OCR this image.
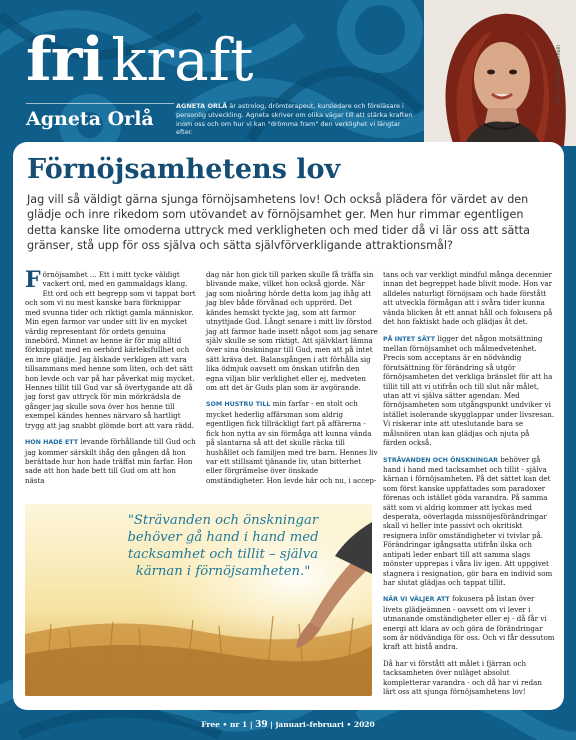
fri kraft
Agneta Orlå
AGNETA ORLÅ är astrolog, drömterapeut, kursledare och föreläsare i personlig utveckling. Agneta skriver om olika vägar till att stärka kraften inom oss och om hur vi kan "drömma fram" den verklighet vi längtar efter.
Foto: Simona Colonnelli
Förnöjsamhetens lov

Jag vill så väldigt gärna sjunga förnöjsamhetens lov! Och också plädera för värdet av den glädje och inre rikedom som utövandet av förnöjsamhet ger. Men hur rimmar egentligen detta kanske lite omoderna uttryck med verkligheten och med tider då vi lär oss att sätta gränser, stå upp för oss själva och sätta självförverkligande attraktionsmål?

Förnöjsamhet ... Ett i mitt tycke väldigt vackert ord, med en gammaldags klang. Ett ord och ett begrepp som vi tappat bort och som vi nu mest kanske bara förknippar med svunna tider och riktigt gamla människor. Min egen farmor var under sitt liv en mycket värdig representant för ordets genuina innebörd. Minnet av henne är för mig alltid förknippat med en oerhörd kärleksfullhet och en inre glädje. Jag älskade verkligen att vara tillsammans med henne som liten, och det sätt hon levde och var på har påverkat mig mycket. Hennes tillit till Gud var så övertygande att då jag forst gav uttryck för min mörkrädsla de gånger jag skulle sova över hos henne till exempel kändes hennes närvaro så hartligt trygg att jag snabbt glömde bort att vara rädd.

HON HADE ETT levande förhållande till Gud och jag kommer särskilt ihåg den gången då hon berättade hur hon hade träffat min farfar. Hon sade att hon hade bett till Gud om att hon nästa

dag när hon gick till parken skulle få träffa sin blivande make, vilket hon också gjorde. När jag som nioåring hörde detta kom jag ihåg att jag blev både förvånad och upprörd. Det kändes hemskt tyckte jag, som att farmor utnyttjade Gud. Långt senare i mitt liv förstod jag att farmor hade insett något som jag senare själv skulle se som riktigt. Att självklart lämna över sina önskningar till Gud, men att på intet sätt kräva det. Balansgången i att förhålla sig lika ödmjuk oavsett om önskan utifrån den egna viljan blir verklighet eller ej, medveten om att det är Guds plan som är avgörande.

SOM HUSTRU TILL min farfar - en stolt och mycket hederlig affärsman som aldrig egentligen fick tillräckligt fart på affärerna - fick hon nytta av sin förmåga att kunna vända på slantarna så att det skulle räcka till hushållet och familjen med tre barn. Hennes liv var ett stillsamt tjänande liv, utan bitterhet eller förgrämelse över önskade omständigheter. Hon levde här och nu, i accep-

tans och var verkligt mindful många decennier innan det begreppet hade blivit mode. Hon var alldeles naturligt förnöjsam och hade förstått att utveckla förmågan att i svåra tider kunna vända blicken åt ett annat håll och fokusera på det hon faktiskt hade och glädjas åt det.

PÅ INTET SÄTT ligger det någon motsättning mellan förnöjsamhet och målmedvetenhet. Precis som acceptans är en nödvändig förutsättning för förändring så utgör förnöjsamheten det verkliga bränslet för att ha tillit till att vi utifrån och till slut når målet, utan att vi själva sätter agendan. Med förnöjsamheten som utgångspunkt undviker vi istället isolerande skygglappar under livsresan. Vi riskerar inte att uteslutande bara se målsnören utan kan glädjas och njuta på färden också.

STRÄVANDEN OCH ÖNSKNINGAR behöver gå hand i hand med tacksamhet och tillit - själva kärnan i förnöjsamheten. På det sättet kan det som först kanske uppfattades som paradoxer förenas och istället göda varandra. På samma sätt som vi aldrig kommer att lyckas med desperata, oöverlagda missnöjesförändringar skall vi heller inte passivt och okritiskt resignera inför omständigheter vi tvivlar på. Förändringar igångsatta utifrån ilska och antipati leder enbart till att samma slags mönster upprepas i våra liv igen. Att uppgivet stagnera i resignation, gör bara en individ som har slutat glädjas och tappat tillit.

NÄR VI VÄLJER ATT fokusera på listan över livets glädjeämnen - oavsett om vi lever i utmanande omständigheter eller ej - då får vi energi att klara av och göra de förändringar som är nödvändiga för oss. Och vi får dessutom kraft att bistå andra.

Då har vi förstått att målet i fjärran och tacksamheten över nuläget absolut kompletterar varandra - och då har vi redan lärt oss att sjunga förnöjsamhetens lov!

"Strävanden och önskningar behöver gå hand i hand med tacksamhet och tillit – själva kärnan i förnöjsamheten."
Free • nr 1 | 39 | januari–februari • 2020
